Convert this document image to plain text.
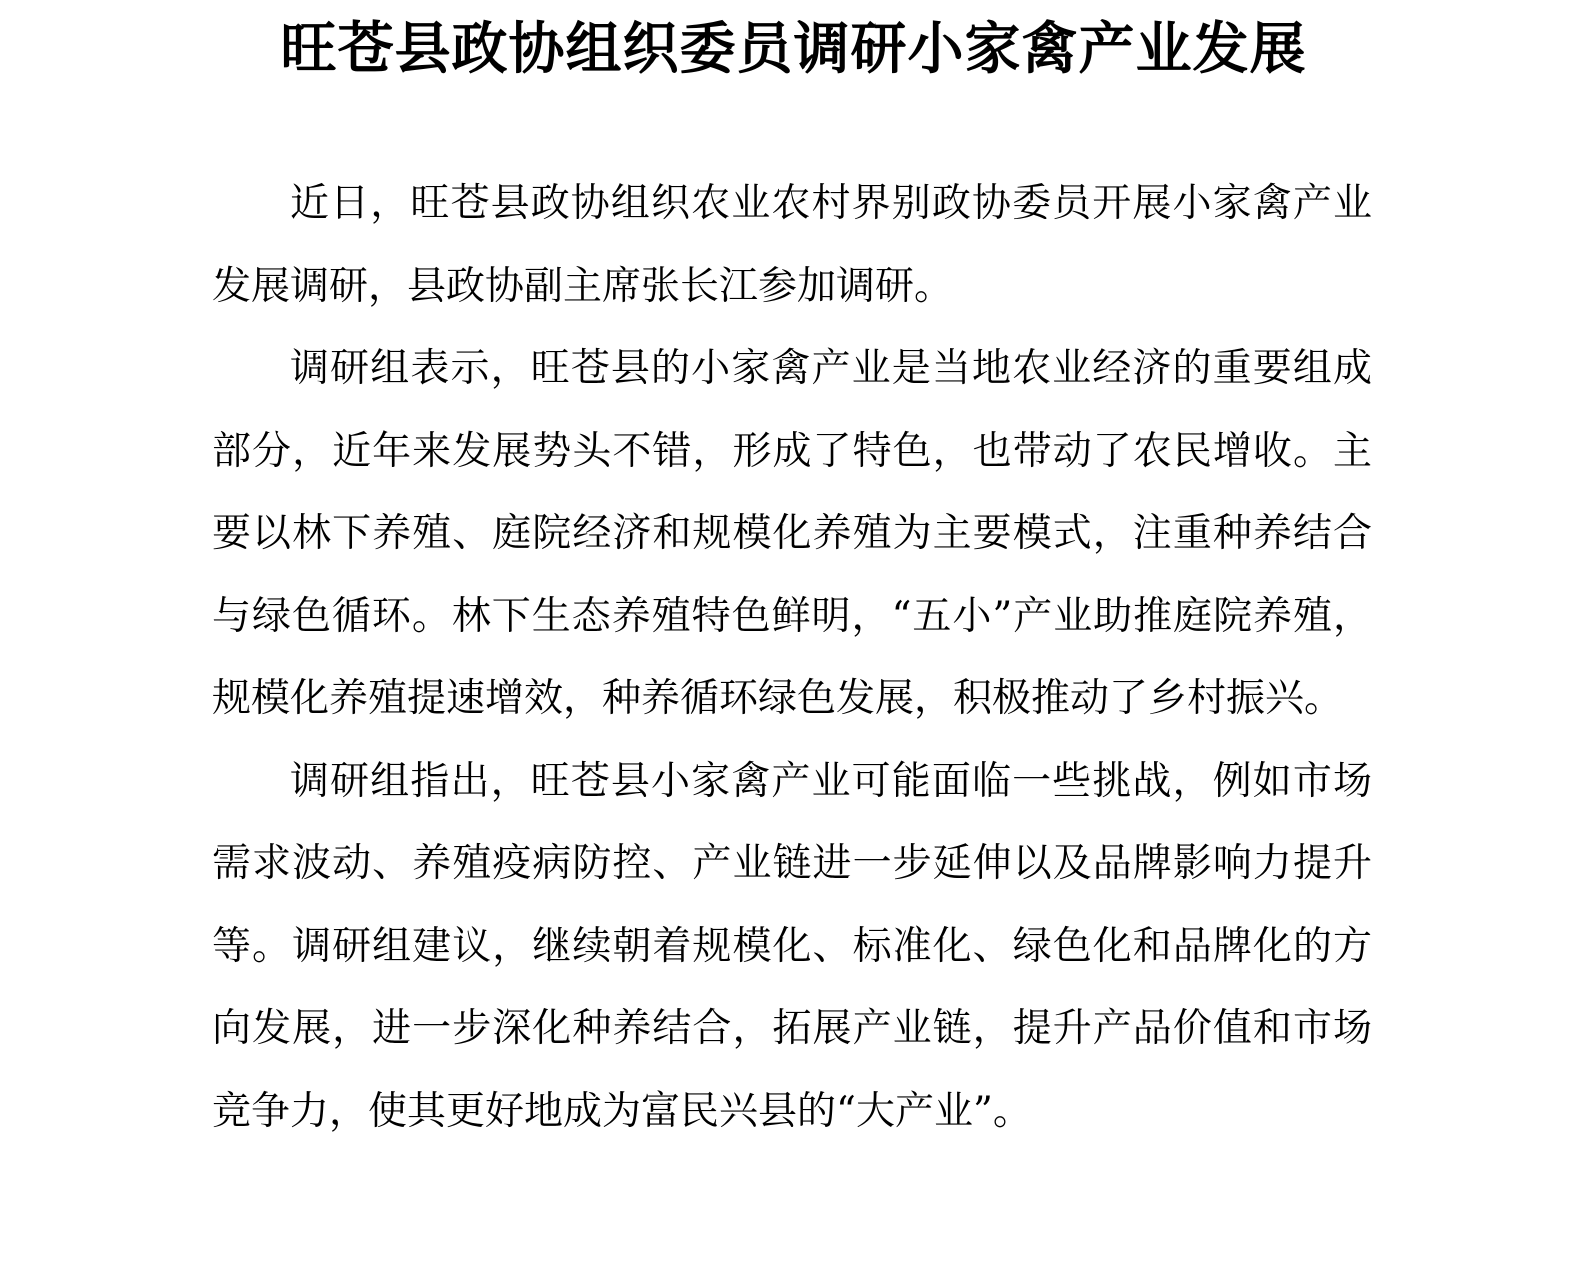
旺苍县政协组织委员调研小家禽产业发展

近日，旺苍县政协组织农业农村界别政协委员开展小家禽产业发展调研，县政协副主席张长江参加调研。

调研组表示，旺苍县的小家禽产业是当地农业经济的重要组成部分，近年来发展势头不错，形成了特色，也带动了农民增收。主要以林下养殖、庭院经济和规模化养殖为主要模式，注重种养结合与绿色循环。林下生态养殖特色鲜明，“五小”产业助推庭院养殖，规模化养殖提速增效，种养循环绿色发展，积极推动了乡村振兴。

调研组指出，旺苍县小家禽产业可能面临一些挑战，例如市场需求波动、养殖疫病防控、产业链进一步延伸以及品牌影响力提升等。调研组建议，继续朝着规模化、标准化、绿色化和品牌化的方向发展，进一步深化种养结合，拓展产业链，提升产品价值和市场竞争力，使其更好地成为富民兴县的“大产业”。
